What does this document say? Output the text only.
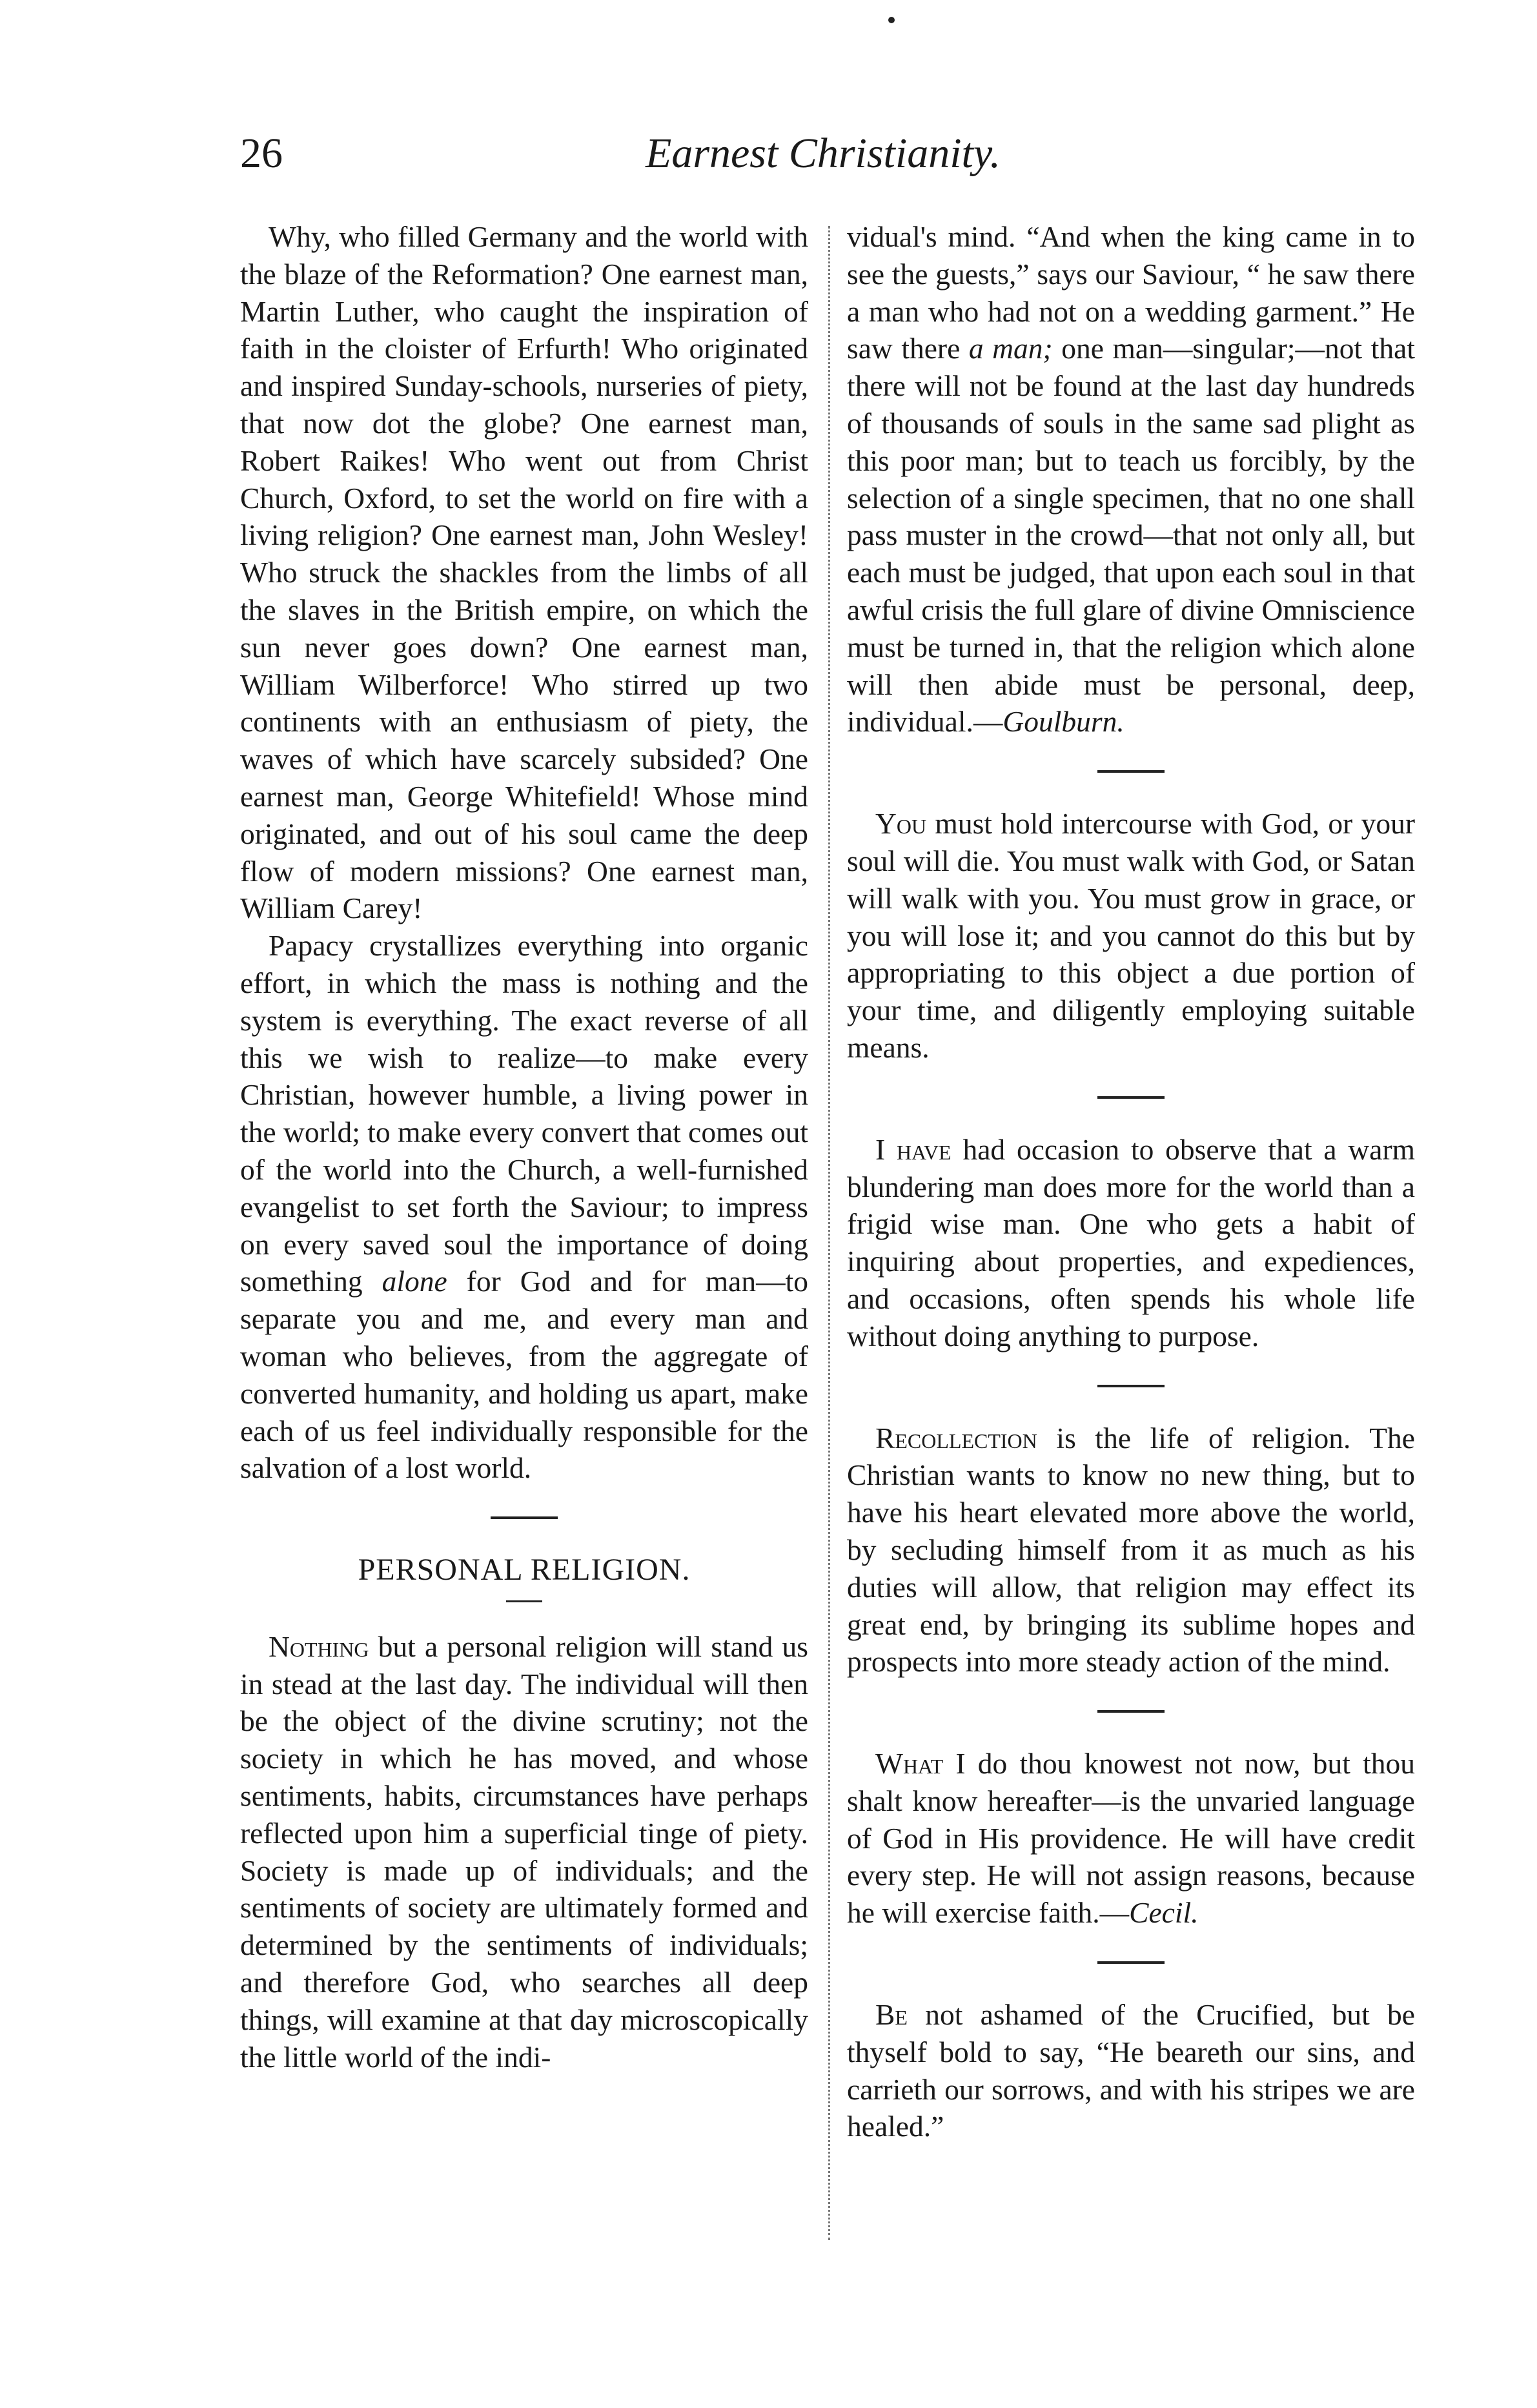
26	Earnest Christianity.

Why, who filled Germany and the world with the blaze of the Reformation? One earnest man, Martin Luther, who caught the inspiration of faith in the cloister of Erfurth! Who originated and inspired Sunday-schools, nurseries of piety, that now dot the globe? One earnest man, Robert Raikes! Who went out from Christ Church, Oxford, to set the world on fire with a living religion? One earnest man, John Wesley! Who struck the shackles from the limbs of all the slaves in the British empire, on which the sun never goes down? One earnest man, William Wilberforce! Who stirred up two continents with an enthusiasm of piety, the waves of which have scarcely subsided? One earnest man, George Whitefield! Whose mind originated, and out of his soul came the deep flow of modern missions? One earnest man, William Carey!

Papacy crystallizes everything into organic effort, in which the mass is nothing and the system is everything. The exact reverse of all this we wish to realize—to make every Christian, however humble, a living power in the world; to make every convert that comes out of the world into the Church, a well-furnished evangelist to set forth the Saviour; to impress on every saved soul the importance of doing something alone for God and for man—to separate you and me, and every man and woman who believes, from the aggregate of converted humanity, and holding us apart, make each of us feel individually responsible for the salvation of a lost world.

PERSONAL RELIGION.

Nothing but a personal religion will stand us in stead at the last day. The individual will then be the object of the divine scrutiny; not the society in which he has moved, and whose sentiments, habits, circumstances have perhaps reflected upon him a superficial tinge of piety. Society is made up of individuals; and the sentiments of society are ultimately formed and determined by the sentiments of individuals; and therefore God, who searches all deep things, will examine at that day microscopically the little world of the indi-

vidual's mind. “And when the king came in to see the guests,” says our Saviour, “ he saw there a man who had not on a wedding garment.” He saw there a man; one man—singular;—not that there will not be found at the last day hundreds of thousands of souls in the same sad plight as this poor man; but to teach us forcibly, by the selection of a single specimen, that no one shall pass muster in the crowd—that not only all, but each must be judged, that upon each soul in that awful crisis the full glare of divine Omniscience must be turned in, that the religion which alone will then abide must be personal, deep, individual.—Goulburn.

You must hold intercourse with God, or your soul will die. You must walk with God, or Satan will walk with you. You must grow in grace, or you will lose it; and you cannot do this but by appropriating to this object a due portion of your time, and diligently employing suitable means.

I have had occasion to observe that a warm blundering man does more for the world than a frigid wise man. One who gets a habit of inquiring about properties, and expediences, and occasions, often spends his whole life without doing anything to purpose.

Recollection is the life of religion. The Christian wants to know no new thing, but to have his heart elevated more above the world, by secluding himself from it as much as his duties will allow, that religion may effect its great end, by bringing its sublime hopes and prospects into more steady action of the mind.

What I do thou knowest not now, but thou shalt know hereafter—is the unvaried language of God in His providence. He will have credit every step. He will not assign reasons, because he will exercise faith.—Cecil.

Be not ashamed of the Crucified, but be thyself bold to say, “He beareth our sins, and carrieth our sorrows, and with his stripes we are healed.”
